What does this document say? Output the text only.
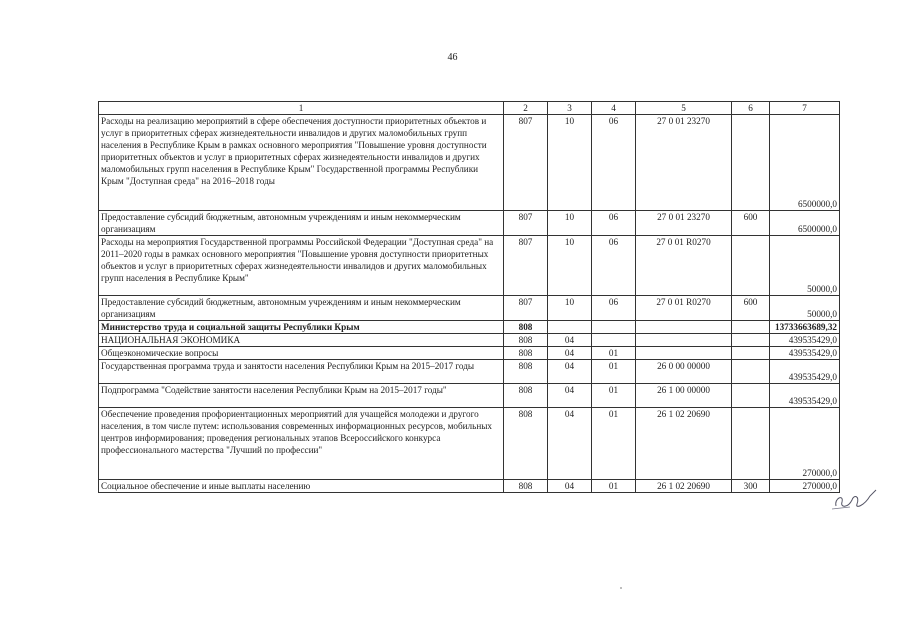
46
1	2	3	4	5	6	7
Расходы на реализацию мероприятий в сфере обеспечения доступности приоритетных объектов и услуг в приоритетных сферах жизнедеятельности инвалидов и других маломобильных групп населения в Республике Крым в рамках основного мероприятия "Повышение уровня доступности приоритетных объектов и услуг в приоритетных сферах жизнедеятельности инвалидов и других маломобильных групп населения в Республике Крым" Государственной программы Республики Крым "Доступная среда" на 2016–2018 годы	807	10	06	27 0 01 23270		6500000,0
Предоставление субсидий бюджетным, автономным учреждениям и иным некоммерческим организациям	807	10	06	27 0 01 23270	600	6500000,0
Расходы на мероприятия Государственной программы Российской Федерации "Доступная среда" на 2011–2020 годы в рамках основного мероприятия "Повышение уровня доступности приоритетных объектов и услуг в приоритетных сферах жизнедеятельности инвалидов и других маломобильных групп населения в Республике Крым"	807	10	06	27 0 01 R0270		50000,0
Предоставление субсидий бюджетным, автономным учреждениям и иным некоммерческим организациям	807	10	06	27 0 01 R0270	600	50000,0
Министерство труда и социальной защиты Республики Крым	808					13733663689,32
НАЦИОНАЛЬНАЯ ЭКОНОМИКА	808	04				439535429,0
Общеэкономические вопросы	808	04	01			439535429,0
Государственная программа труда и занятости населения Республики Крым на 2015–2017 годы	808	04	01	26 0 00 00000		439535429,0
Подпрограмма "Содействие занятости населения Республики Крым на 2015–2017 годы"	808	04	01	26 1 00 00000		439535429,0
Обеспечение проведения профориентационных мероприятий для учащейся молодежи и другого населения, в том числе путем: использования современных информационных ресурсов, мобильных центров информирования; проведения региональных этапов Всероссийского конкурса профессионального мастерства "Лучший по профессии"	808	04	01	26 1 02 20690		270000,0
Социальное обеспечение и иные выплаты населению	808	04	01	26 1 02 20690	300	270000,0
